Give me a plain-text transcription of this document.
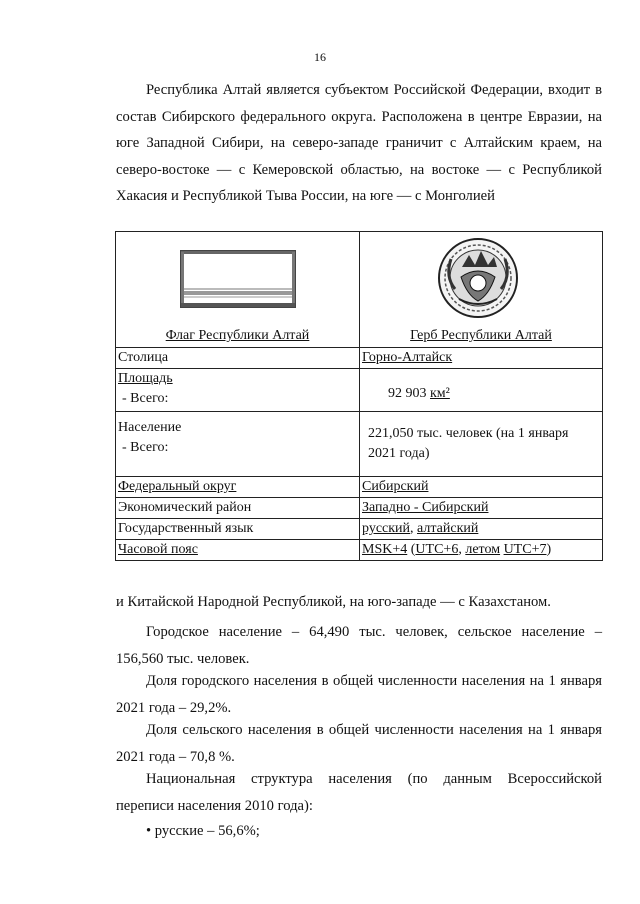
16

Республика Алтай является субъектом Российской Федерации, входит в состав Сибирского федерального округа. Расположена в центре Евразии, на юге Западной Сибири, на северо-западе граничит с Алтайским краем, на северо-востоке — с Кемеровской областью, на востоке — с Республикой Хакасия и Республикой Тыва России, на юге — с Монголией

Флаг Республики Алтай	Герб Республики Алтай

Столица	Горно-Алтайск

Площадь
- Всего:	92 903 км²

Население
- Всего:	221,050 тыс. человек (на 1 января 2021 года)
Федеральный округ	Сибирский
Экономический район	Западно - Сибирский
Государственный язык	русский, алтайский
Часовой пояс	MSK+4 (UTC+6, летом UTC+7)

и Китайской Народной Республикой, на юго-западе — с Казахстаном.

Городское население – 64,490 тыс. человек, сельское население – 156,560 тыс. человек.

Доля городского населения в общей численности населения на 1 января 2021 года – 29,2%.

Доля сельского населения в общей численности населения на 1 января 2021 года – 70,8 %.

Национальная структура населения (по данным Всероссийской переписи населения 2010 года):

• русские – 56,6%;
